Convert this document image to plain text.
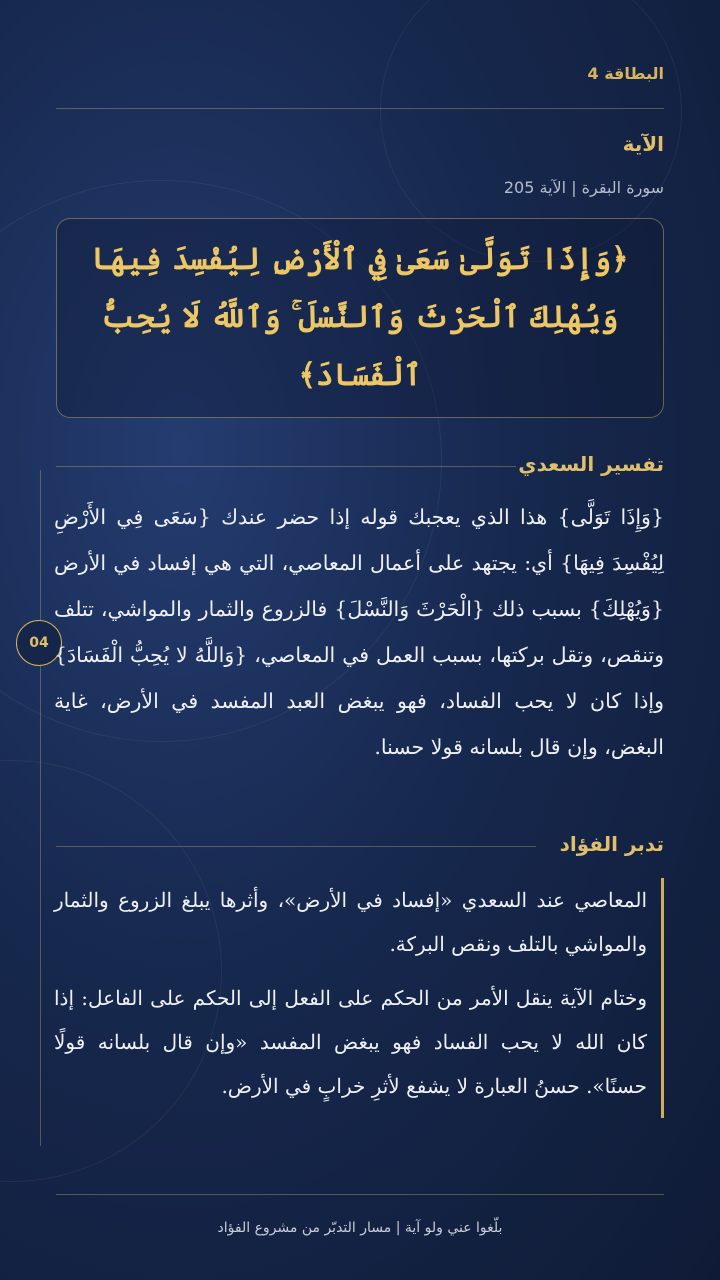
البطاقة 4
الآية
سورة البقرة | الآية 205
﴿وَإِذَا تَوَلَّىٰ سَعَىٰ فِي ٱلْأَرْضِ لِيُفْسِدَ فِيهَا وَيُهْلِكَ ٱلْحَرْثَ وَٱلنَّسْلَ ۚ وَٱللَّهُ لَا يُحِبُّ ٱلْفَسَادَ﴾
تفسير السعدي
04
{وَإِذَا تَوَلَّى} هذا الذي يعجبك قوله إذا حضر عندك {سَعَى فِي الأَرْضِ لِيُفْسِدَ فِيهَا} أي: يجتهد على أعمال المعاصي، التي هي إفساد في الأرض {وَيُهْلِكَ} بسبب ذلك {الْحَرْثَ وَالنَّسْلَ} فالزروع والثمار والمواشي، تتلف وتنقص، وتقل بركتها، بسبب العمل في المعاصي، {وَاللَّهُ لا يُحِبُّ الْفَسَادَ} وإذا كان لا يحب الفساد، فهو يبغض العبد المفسد في الأرض، غاية البغض، وإن قال بلسانه قولا حسنا.
تدبر الفؤاد

المعاصي عند السعدي «إفساد في الأرض»، وأثرها يبلغ الزروع والثمار والمواشي بالتلف ونقص البركة.

وختام الآية ينقل الأمر من الحكم على الفعل إلى الحكم على الفاعل: إذا كان الله لا يحب الفساد فهو يبغض المفسد «وإن قال بلسانه قولًا حسنًا». حسنُ العبارة لا يشفع لأثرِ خرابٍ في الأرض.

بلّغوا عني ولو آية | مسار التدبّر من مشروع الفؤاد
